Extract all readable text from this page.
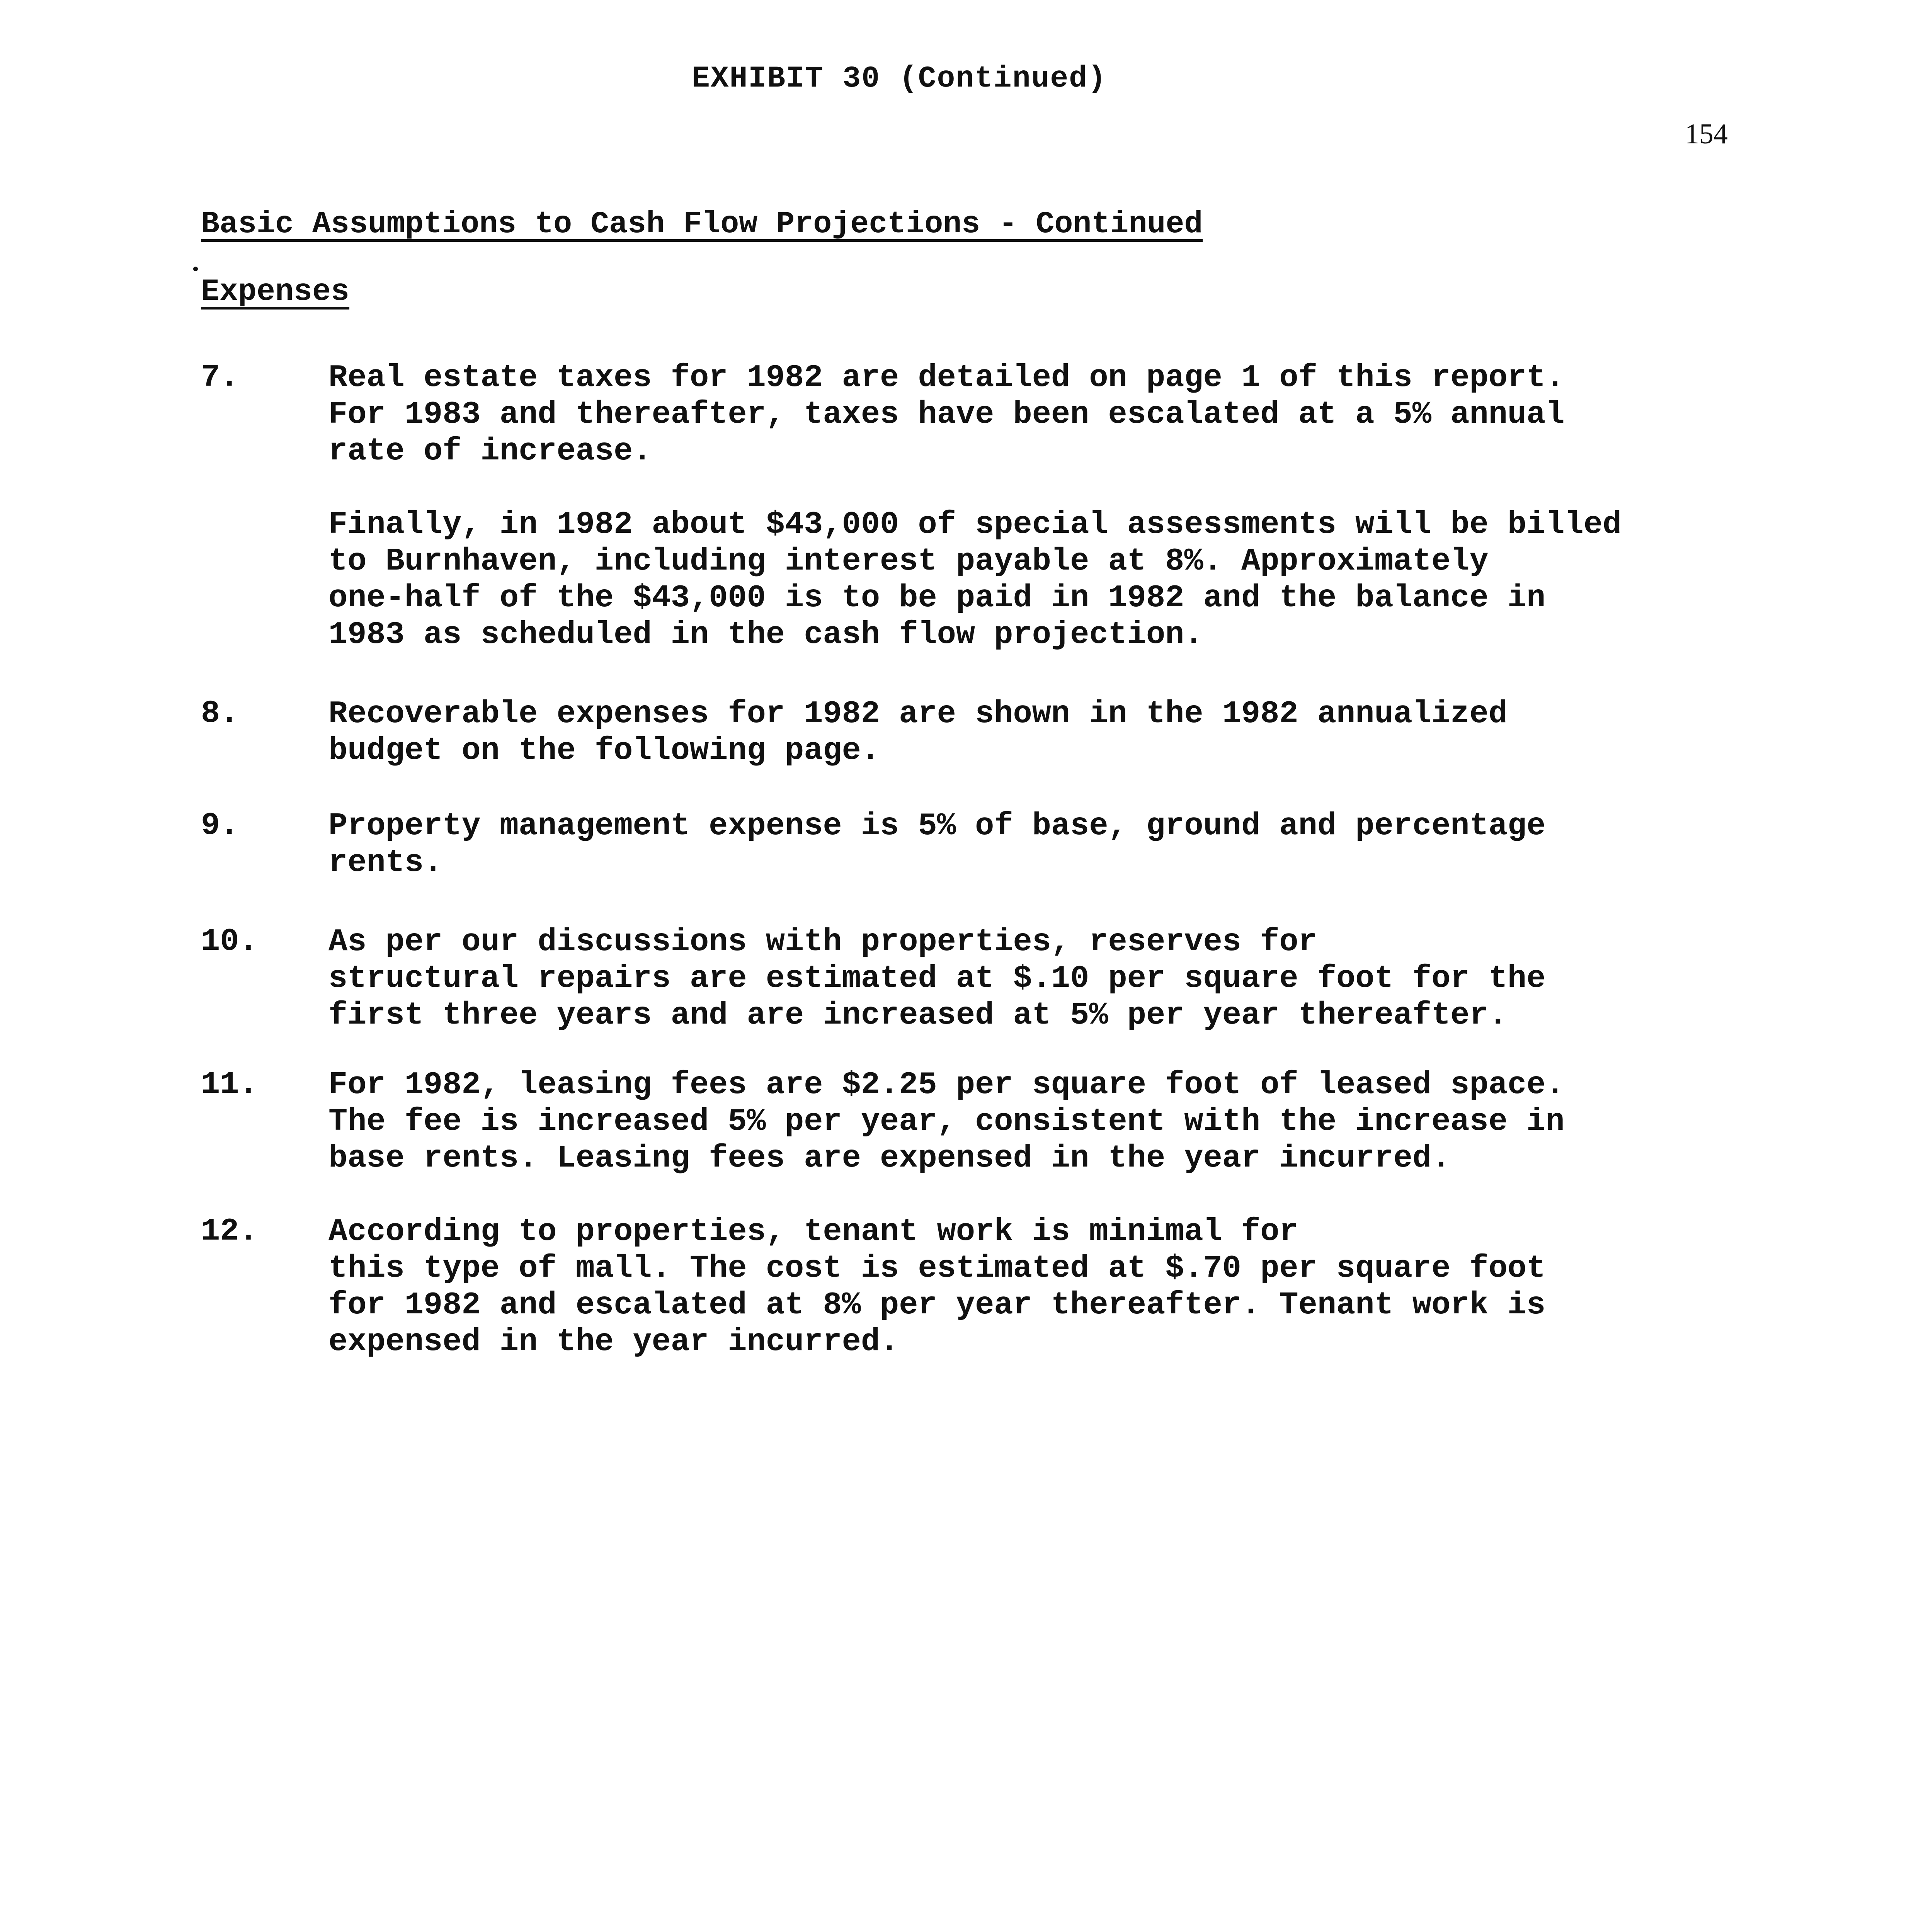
EXHIBIT 30 (Continued)
154
Basic Assumptions to Cash Flow Projections - Continued
Expenses
7.	Real estate taxes for 1982 are detailed on page 1 of this report.
For 1983 and thereafter, taxes have been escalated at a 5% annual
rate of increase.

Finally, in 1982 about $43,000 of special assessments will be billed
to Burnhaven, including interest payable at 8%. Approximately
one-half of the $43,000 is to be paid in 1982 and the balance in
1983 as scheduled in the cash flow projection.

8.	Recoverable expenses for 1982 are shown in the 1982 annualized
budget on the following page.

9.	Property management expense is 5% of base, ground and percentage
rents.

10. As per our discussions with properties, reserves for
structural repairs are estimated at $.10 per square foot for the
first three years and are increased at 5% per year thereafter.

11. For 1982, leasing fees are $2.25 per square foot of leased space.
The fee is increased 5% per year, consistent with the increase in
base rents. Leasing fees are expensed in the year incurred.

12. According to properties, tenant work is minimal for
this type of mall. The cost is estimated at $.70 per square foot
for 1982 and escalated at 8% per year thereafter. Tenant work is
expensed in the year incurred.
